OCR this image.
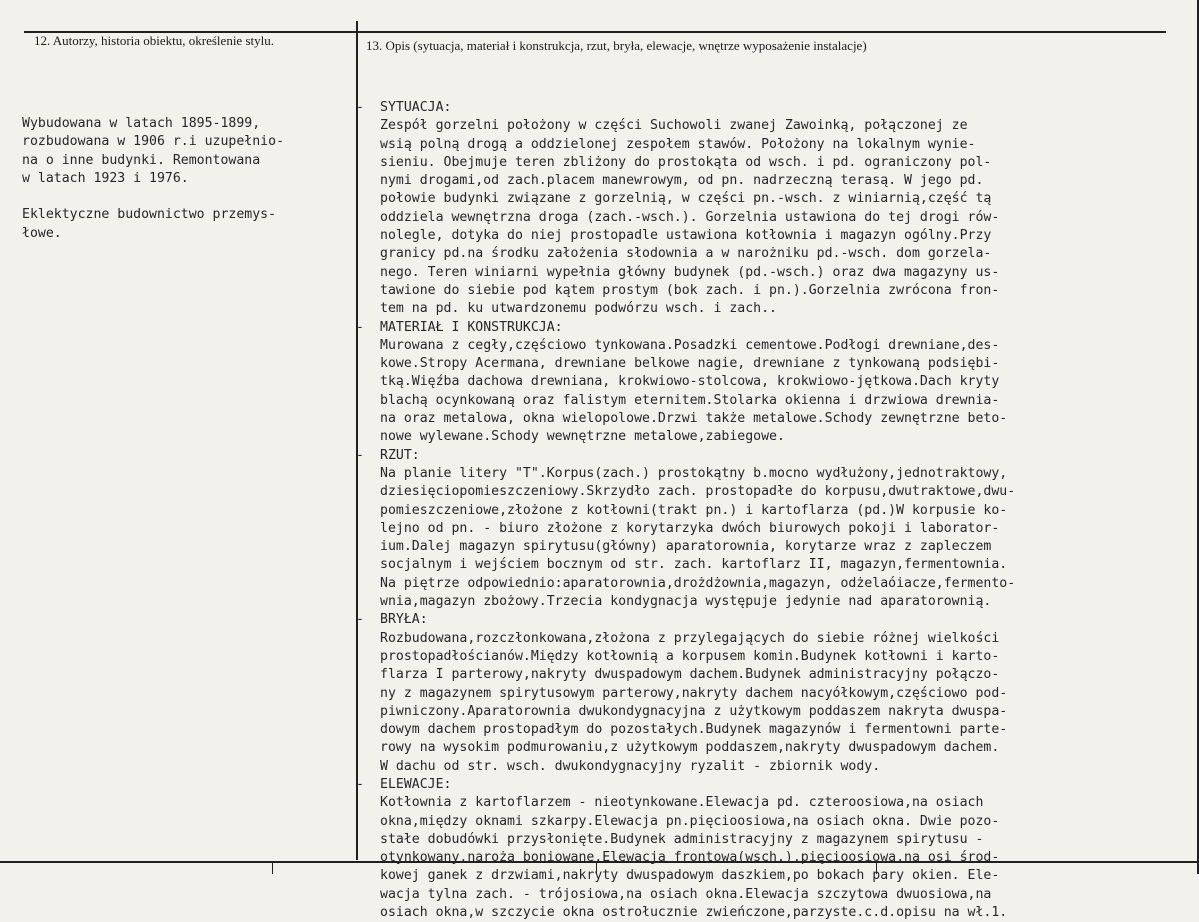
12. Autorzy, historia obiektu, określenie stylu.	13. Opis (sytuacja, materiał i konstrukcja, rzut, bryła, elewacje, wnętrze wyposażenie instalacje)
Wybudowana w latach 1895-1899,
rozbudowana w 1906 r.i uzupełnio-
na o inne budynki. Remontowana
w latach 1923 i 1976.
Eklektyczne budownictwo przemys-
łowe.
- SYTUACJA:
Zespół gorzelni położony w części Suchowoli zwanej Zawoinką, połączonej ze
wsią polną drogą a oddzielonej zespołem stawów. Położony na lokalnym wynie-
sieniu. Obejmuje teren zbliżony do prostokąta od wsch. i pd. ograniczony pol-
nymi drogami,od zach.placem manewrowym, od pn. nadrzeczną terasą. W jego pd.
połowie budynki związane z gorzelnią, w części pn.-wsch. z winiarnią,część tą
oddziela wewnętrzna droga (zach.-wsch.). Gorzelnia ustawiona do tej drogi rów-
nolegle, dotyka do niej prostopadle ustawiona kotłownia i magazyn ogólny.Przy
granicy pd.na środku założenia słodownia a w narożniku pd.-wsch. dom gorzela-
nego. Teren winiarni wypełnia główny budynek (pd.-wsch.) oraz dwa magazyny us-
tawione do siebie pod kątem prostym (bok zach. i pn.).Gorzelnia zwrócona fron-
tem na pd. ku utwardzonemu podwórzu wsch. i zach..
- MATERIAŁ I KONSTRUKCJA:
Murowana z cegły,częściowo tynkowana.Posadzki cementowe.Podłogi drewniane,des-
kowe.Stropy Acermana, drewniane belkowe nagie, drewniane z tynkowaną podsiębi-
tką.Więźba dachowa drewniana, krokwiowo-stolcowa, krokwiowo-jętkowa.Dach kryty
blachą ocynkowaną oraz falistym eternitem.Stolarka okienna i drzwiowa drewnia-
na oraz metalowa, okna wielopolowe.Drzwi także metalowe.Schody zewnętrzne beto-
nowe wylewane.Schody wewnętrzne metalowe,zabiegowe.
- RZUT:
Na planie litery "T".Korpus(zach.) prostokątny b.mocno wydłużony,jednotraktowy,
dziesięciopomieszczeniowy.Skrzydło zach. prostopadłe do korpusu,dwutraktowe,dwu-
pomieszczeniowe,złożone z kotłowni(trakt pn.) i kartoflarza (pd.)W korpusie ko-
lejno od pn. - biuro złożone z korytarzyka dwóch biurowych pokoji i laborator-
ium.Dalej magazyn spirytusu(główny) aparatorownia, korytarze wraz z zapleczem
socjalnym i wejściem bocznym od str. zach. kartoflarz II, magazyn,fermentownia.
Na piętrze odpowiednio:aparatorownia,drożdżownia,magazyn, odżelaóiacze,fermento-
wnia,magazyn zbożowy.Trzecia kondygnacja występuje jedynie nad aparatorownią.
- BRYŁA:
Rozbudowana,rozczłonkowana,złożona z przylegających do siebie różnej wielkości
prostopadłościanów.Między kotłownią a korpusem komin.Budynek kotłowni i karto-
flarza I parterowy,nakryty dwuspadowym dachem.Budynek administracyjny połączo-
ny z magazynem spirytusowym parterowy,nakryty dachem nacyółkowym,częściowo pod-
piwniczony.Aparatorownia dwukondygnacyjna z użytkowym poddaszem nakryta dwuspa-
dowym dachem prostopadłym do pozostałych.Budynek magazynów i fermentowni parte-
rowy na wysokim podmurowaniu,z użytkowym poddaszem,nakryty dwuspadowym dachem.
W dachu od str. wsch. dwukondygnacyjny ryzalit - zbiornik wody.
- ELEWACJE:
Kotłownia z kartoflarzem - nieotynkowane.Elewacja pd. czteroosiowa,na osiach
okna,między oknami szkarpy.Elewacja pn.pięcioosiowa,na osiach okna. Dwie pozo-
stałe dobudówki przysłonięte.Budynek administracyjny z magazynem spirytusu -
otynkowany,naroża boniowane.Elewacja frontowa(wsch.),pięcioosiowa,na osi środ-
kowej ganek z drzwiami,nakryty dwuspadowym daszkiem,po bokach pary okien. Ele-
wacja tylna zach. - trójosiowa,na osiach okna.Elewacja szczytowa dwuosiowa,na
osiach okna,w szczycie okna ostrołucznie zwieńczone,parzyste.c.d.opisu na wł.1.
